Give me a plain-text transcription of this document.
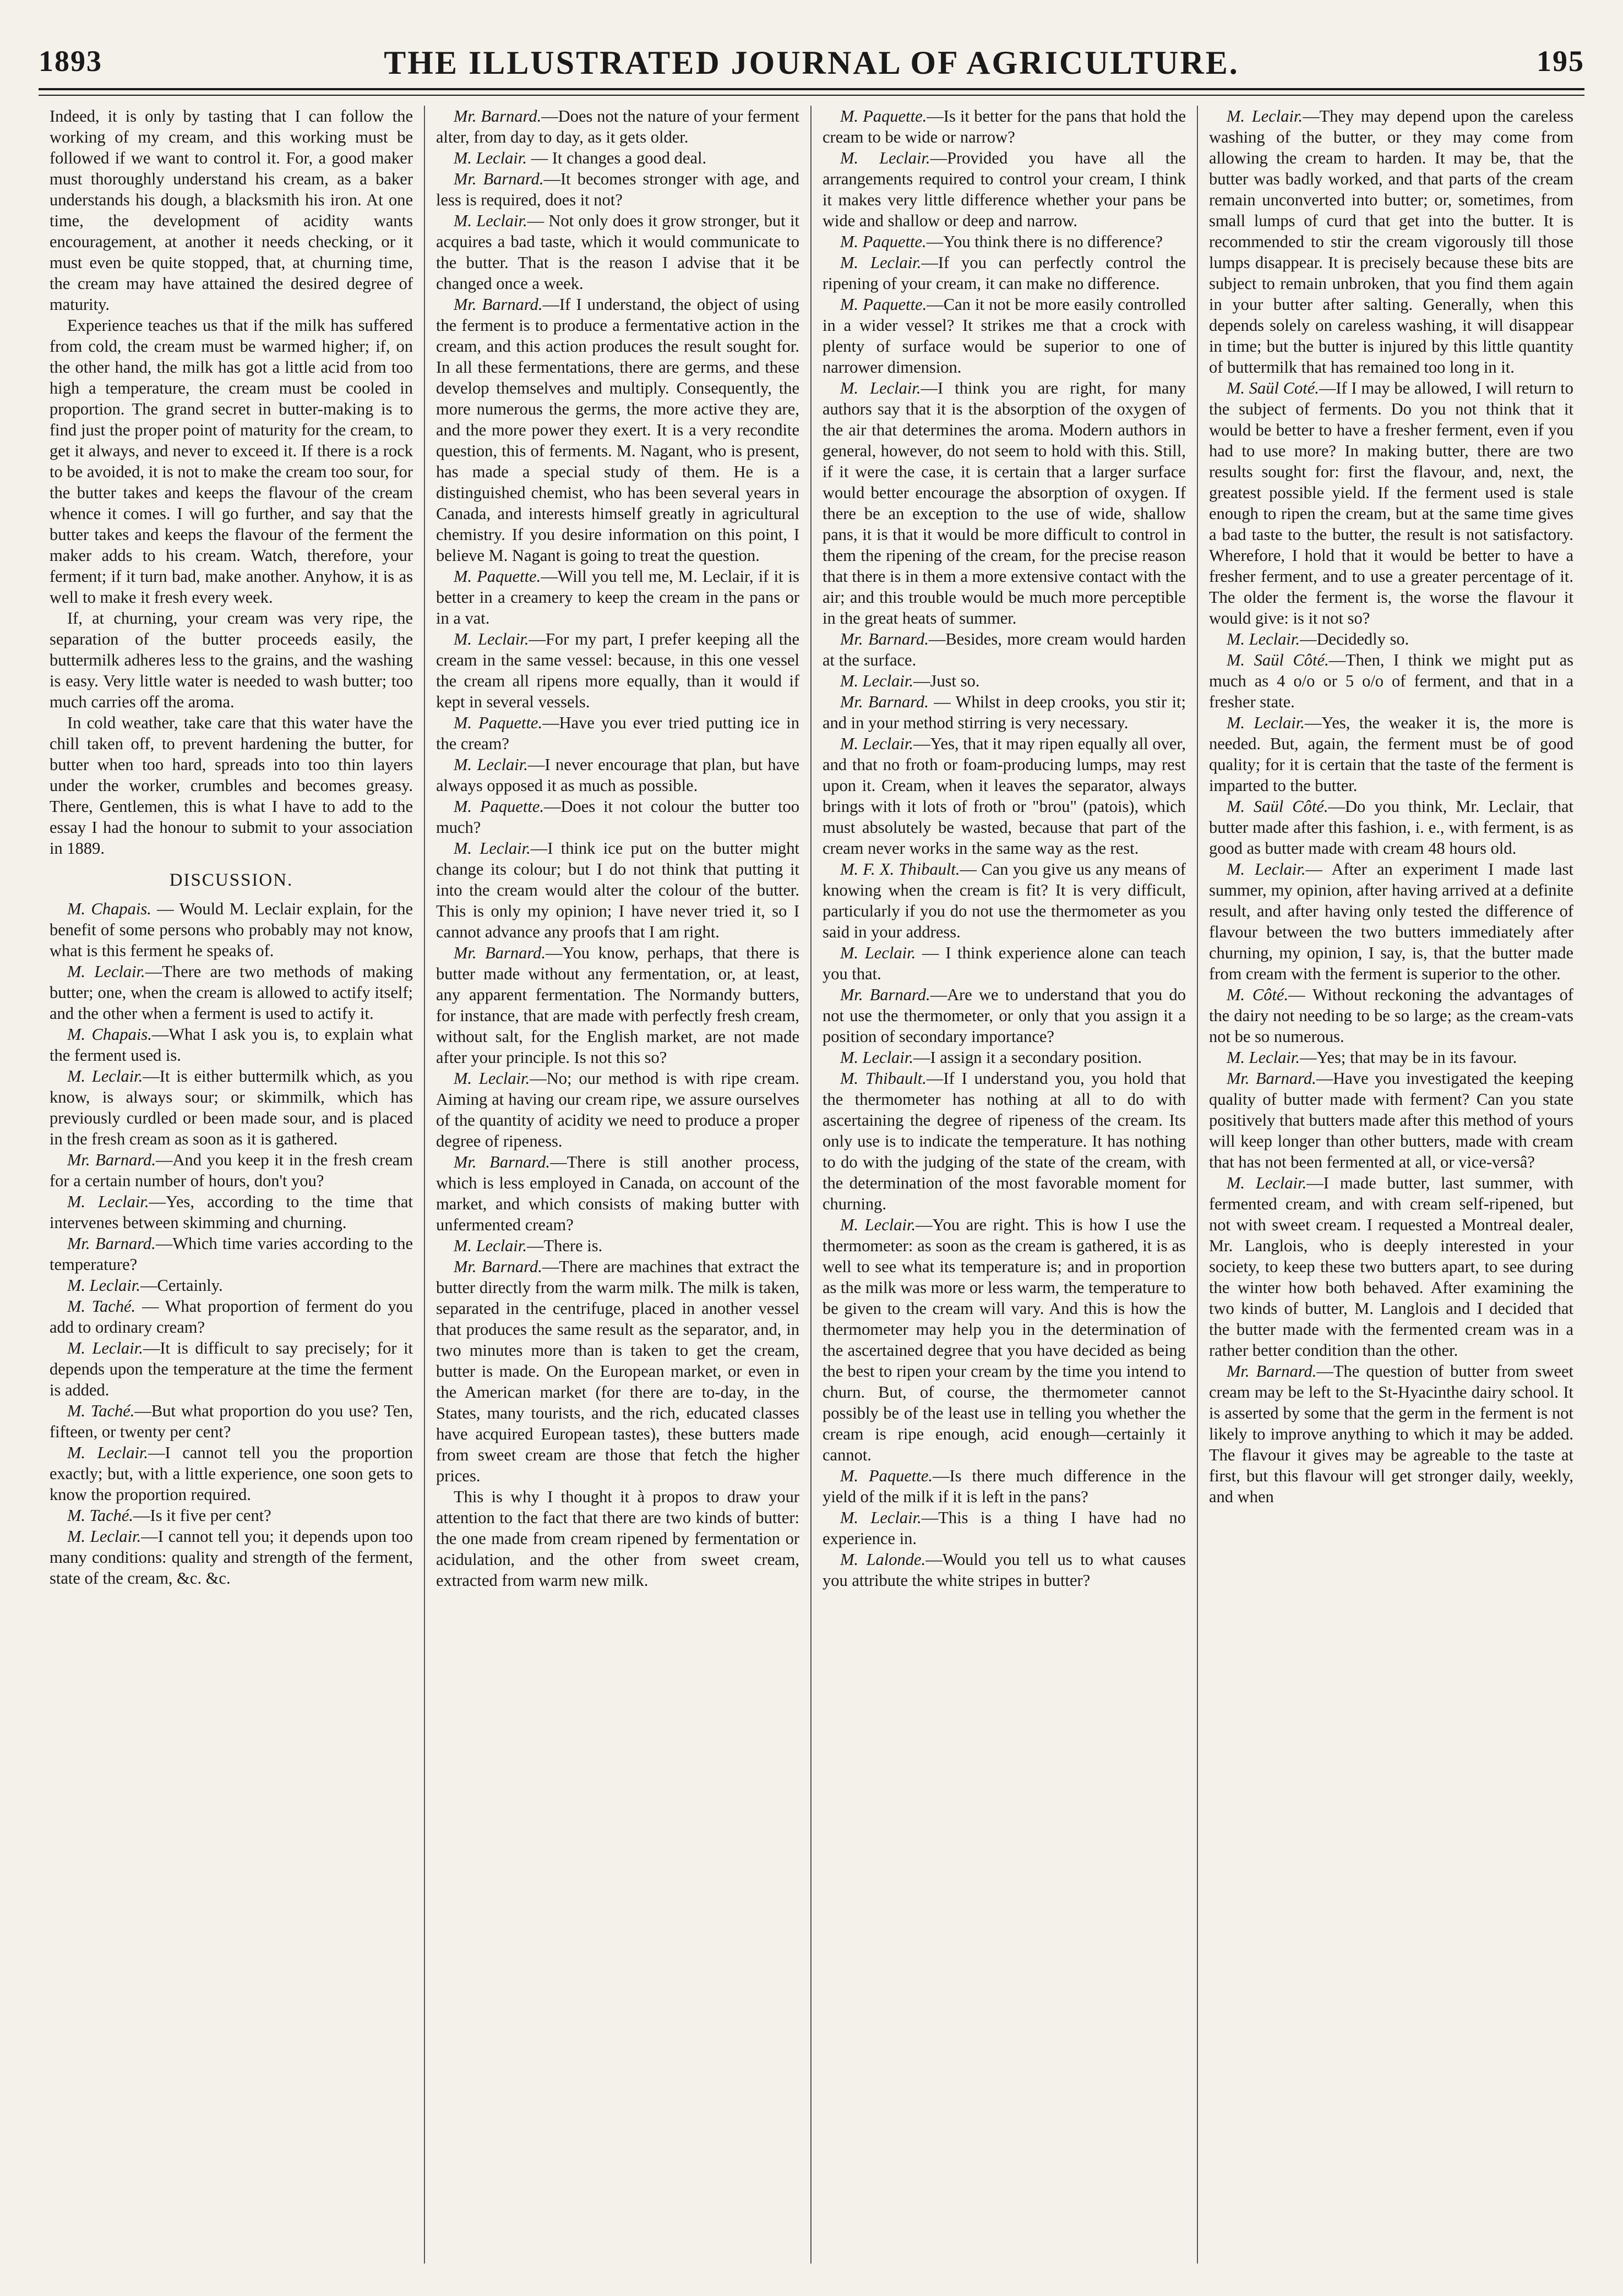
1893	THE ILLUSTRATED JOURNAL OF AGRICULTURE.	195

Indeed, it is only by tasting that I can follow the working of my cream, and this working must be followed if we want to control it. For, a good maker must thoroughly understand his cream, as a baker understands his dough, a blacksmith his iron. At one time, the development of acidity wants encouragement, at another it needs checking, or it must even be quite stopped, that, at churning time, the cream may have attained the desired degree of maturity.

Experience teaches us that if the milk has suffered from cold, the cream must be warmed higher; if, on the other hand, the milk has got a little acid from too high a temperature, the cream must be cooled in proportion. The grand secret in butter-making is to find just the proper point of maturity for the cream, to get it always, and never to exceed it. If there is a rock to be avoided, it is not to make the cream too sour, for the butter takes and keeps the flavour of the cream whence it comes. I will go further, and say that the butter takes and keeps the flavour of the ferment the maker adds to his cream. Watch, therefore, your ferment; if it turn bad, make another. Anyhow, it is as well to make it fresh every week.

If, at churning, your cream was very ripe, the separation of the butter proceeds easily, the buttermilk adheres less to the grains, and the washing is easy. Very little water is needed to wash butter; too much carries off the aroma.

In cold weather, take care that this water have the chill taken off, to prevent hardening the butter, for butter when too hard, spreads into too thin layers under the worker, crumbles and becomes greasy. There, Gentlemen, this is what I have to add to the essay I had the honour to submit to your association in 1889.

DISCUSSION.

M. Chapais. — Would M. Leclair explain, for the benefit of some persons who probably may not know, what is this ferment he speaks of.

M. Leclair.—There are two methods of making butter; one, when the cream is allowed to actify itself; and the other when a ferment is used to actify it.

M. Chapais.—What I ask you is, to explain what the ferment used is.

M. Leclair.—It is either buttermilk which, as you know, is always sour; or skimmilk, which has previously curdled or been made sour, and is placed in the fresh cream as soon as it is gathered.

Mr. Barnard.—And you keep it in the fresh cream for a certain number of hours, don't you?

M. Leclair.—Yes, according to the time that intervenes between skimming and churning.

Mr. Barnard.—Which time varies according to the temperature?

M. Leclair.—Certainly.

M. Taché. — What proportion of ferment do you add to ordinary cream?

M. Leclair.—It is difficult to say precisely; for it depends upon the temperature at the time the ferment is added.

M. Taché.—But what proportion do you use? Ten, fifteen, or twenty per cent?

M. Leclair.—I cannot tell you the proportion exactly; but, with a little experience, one soon gets to know the proportion required.

M. Taché.—Is it five per cent?

M. Leclair.—I cannot tell you; it depends upon too many conditions: quality and strength of the ferment, state of the cream, &c. &c.

Mr. Barnard.—Does not the nature of your ferment alter, from day to day, as it gets older.

M. Leclair. — It changes a good deal.

Mr. Barnard.—It becomes stronger with age, and less is required, does it not?

M. Leclair.— Not only does it grow stronger, but it acquires a bad taste, which it would communicate to the butter. That is the reason I advise that it be changed once a week.

Mr. Barnard.—If I understand, the object of using the ferment is to produce a fermentative action in the cream, and this action produces the result sought for. In all these fermentations, there are germs, and these develop themselves and multiply. Consequently, the more numerous the germs, the more active they are, and the more power they exert. It is a very recondite question, this of ferments. M. Nagant, who is present, has made a special study of them. He is a distinguished chemist, who has been several years in Canada, and interests himself greatly in agricultural chemistry. If you desire information on this point, I believe M. Nagant is going to treat the question.

M. Paquette.—Will you tell me, M. Leclair, if it is better in a creamery to keep the cream in the pans or in a vat.

M. Leclair.—For my part, I prefer keeping all the cream in the same vessel: because, in this one vessel the cream all ripens more equally, than it would if kept in several vessels.

M. Paquette.—Have you ever tried putting ice in the cream?

M. Leclair.—I never encourage that plan, but have always opposed it as much as possible.

M. Paquette.—Does it not colour the butter too much?

M. Leclair.—I think ice put on the butter might change its colour; but I do not think that putting it into the cream would alter the colour of the butter. This is only my opinion; I have never tried it, so I cannot advance any proofs that I am right.

Mr. Barnard.—You know, perhaps, that there is butter made without any fermentation, or, at least, any apparent fermentation. The Normandy butters, for instance, that are made with perfectly fresh cream, without salt, for the English market, are not made after your principle. Is not this so?

M. Leclair.—No; our method is with ripe cream. Aiming at having our cream ripe, we assure ourselves of the quantity of acidity we need to produce a proper degree of ripeness.

Mr. Barnard.—There is still another process, which is less employed in Canada, on account of the market, and which consists of making butter with unfermented cream?

M. Leclair.—There is.

Mr. Barnard.—There are machines that extract the butter directly from the warm milk. The milk is taken, separated in the centrifuge, placed in another vessel that produces the same result as the separator, and, in two minutes more than is taken to get the cream, butter is made. On the European market, or even in the American market (for there are to-day, in the States, many tourists, and the rich, educated classes have acquired European tastes), these butters made from sweet cream are those that fetch the higher prices.

This is why I thought it à propos to draw your attention to the fact that there are two kinds of butter: the one made from cream ripened by fermentation or acidulation, and the other from sweet cream, extracted from warm new milk.

M. Paquette.—Is it better for the pans that hold the cream to be wide or narrow?

M. Leclair.—Provided you have all the arrangements required to control your cream, I think it makes very little difference whether your pans be wide and shallow or deep and narrow.

M. Paquette.—You think there is no difference?

M. Leclair.—If you can perfectly control the ripening of your cream, it can make no difference.

M. Paquette.—Can it not be more easily controlled in a wider vessel? It strikes me that a crock with plenty of surface would be superior to one of narrower dimension.

M. Leclair.—I think you are right, for many authors say that it is the absorption of the oxygen of the air that determines the aroma. Modern authors in general, however, do not seem to hold with this. Still, if it were the case, it is certain that a larger surface would better encourage the absorption of oxygen. If there be an exception to the use of wide, shallow pans, it is that it would be more difficult to control in them the ripening of the cream, for the precise reason that there is in them a more extensive contact with the air; and this trouble would be much more perceptible in the great heats of summer.

Mr. Barnard.—Besides, more cream would harden at the surface.

M. Leclair.—Just so.

Mr. Barnard. — Whilst in deep crooks, you stir it; and in your method stirring is very necessary.

M. Leclair.—Yes, that it may ripen equally all over, and that no froth or foam-producing lumps, may rest upon it. Cream, when it leaves the separator, always brings with it lots of froth or "brou" (patois), which must absolutely be wasted, because that part of the cream never works in the same way as the rest.

M. F. X. Thibault.— Can you give us any means of knowing when the cream is fit? It is very difficult, particularly if you do not use the thermometer as you said in your address.

M. Leclair. — I think experience alone can teach you that.

Mr. Barnard.—Are we to understand that you do not use the thermometer, or only that you assign it a position of secondary importance?

M. Leclair.—I assign it a secondary position.

M. Thibault.—If I understand you, you hold that the thermometer has nothing at all to do with ascertaining the degree of ripeness of the cream. Its only use is to indicate the temperature. It has nothing to do with the judging of the state of the cream, with the determination of the most favorable moment for churning.

M. Leclair.—You are right. This is how I use the thermometer: as soon as the cream is gathered, it is as well to see what its temperature is; and in proportion as the milk was more or less warm, the temperature to be given to the cream will vary. And this is how the thermometer may help you in the determination of the ascertained degree that you have decided as being the best to ripen your cream by the time you intend to churn. But, of course, the thermometer cannot possibly be of the least use in telling you whether the cream is ripe enough, acid enough—certainly it cannot.

M. Paquette.—Is there much difference in the yield of the milk if it is left in the pans?

M. Leclair.—This is a thing I have had no experience in.

M. Lalonde.—Would you tell us to what causes you attribute the white stripes in butter?

M. Leclair.—They may depend upon the careless washing of the butter, or they may come from allowing the cream to harden. It may be, that the butter was badly worked, and that parts of the cream remain unconverted into butter; or, sometimes, from small lumps of curd that get into the butter. It is recommended to stir the cream vigorously till those lumps disappear. It is precisely because these bits are subject to remain unbroken, that you find them again in your butter after salting. Generally, when this depends solely on careless washing, it will disappear in time; but the butter is injured by this little quantity of buttermilk that has remained too long in it.

M. Saül Coté.—If I may be allowed, I will return to the subject of ferments. Do you not think that it would be better to have a fresher ferment, even if you had to use more? In making butter, there are two results sought for: first the flavour, and, next, the greatest possible yield. If the ferment used is stale enough to ripen the cream, but at the same time gives a bad taste to the butter, the result is not satisfactory. Wherefore, I hold that it would be better to have a fresher ferment, and to use a greater percentage of it. The older the ferment is, the worse the flavour it would give: is it not so?

M. Leclair.—Decidedly so.

M. Saül Côté.—Then, I think we might put as much as 4 o/o or 5 o/o of ferment, and that in a fresher state.

M. Leclair.—Yes, the weaker it is, the more is needed. But, again, the ferment must be of good quality; for it is certain that the taste of the ferment is imparted to the butter.

M. Saül Côté.—Do you think, Mr. Leclair, that butter made after this fashion, i. e., with ferment, is as good as butter made with cream 48 hours old.

M. Leclair.— After an experiment I made last summer, my opinion, after having arrived at a definite result, and after having only tested the difference of flavour between the two butters immediately after churning, my opinion, I say, is, that the butter made from cream with the ferment is superior to the other.

M. Côté.— Without reckoning the advantages of the dairy not needing to be so large; as the cream-vats not be so numerous.

M. Leclair.—Yes; that may be in its favour.

Mr. Barnard.—Have you investigated the keeping quality of butter made with ferment? Can you state positively that butters made after this method of yours will keep longer than other butters, made with cream that has not been fermented at all, or vice-versâ?

M. Leclair.—I made butter, last summer, with fermented cream, and with cream self-ripened, but not with sweet cream. I requested a Montreal dealer, Mr. Langlois, who is deeply interested in your society, to keep these two butters apart, to see during the winter how both behaved. After examining the two kinds of butter, M. Langlois and I decided that the butter made with the fermented cream was in a rather better condition than the other.

Mr. Barnard.—The question of butter from sweet cream may be left to the St-Hyacinthe dairy school. It is asserted by some that the germ in the ferment is not likely to improve anything to which it may be added. The flavour it gives may be agreable to the taste at first, but this flavour will get stronger daily, weekly, and when
